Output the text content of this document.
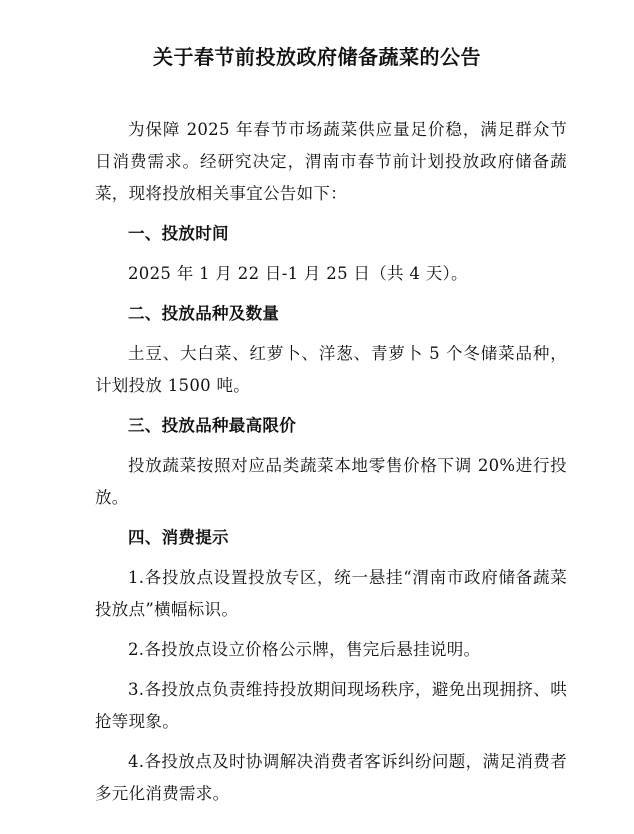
关于春节前投放政府储备蔬菜的公告

为保障 2025 年春节市场蔬菜供应量足价稳，满足群众节日消费需求。经研究决定，渭南市春节前计划投放政府储备蔬菜，现将投放相关事宜公告如下：

一、投放时间

2025 年 1 月 22 日-1 月 25 日（共 4 天）。

二、投放品种及数量

土豆、大白菜、红萝卜、洋葱、青萝卜 5 个冬储菜品种，计划投放 1500 吨。

三、投放品种最高限价

投放蔬菜按照对应品类蔬菜本地零售价格下调 20%进行投放。

四、消费提示

1.各投放点设置投放专区，统一悬挂“渭南市政府储备蔬菜投放点”横幅标识。

2.各投放点设立价格公示牌，售完后悬挂说明。

3.各投放点负责维持投放期间现场秩序，避免出现拥挤、哄抢等现象。

4.各投放点及时协调解决消费者客诉纠纷问题，满足消费者多元化消费需求。
